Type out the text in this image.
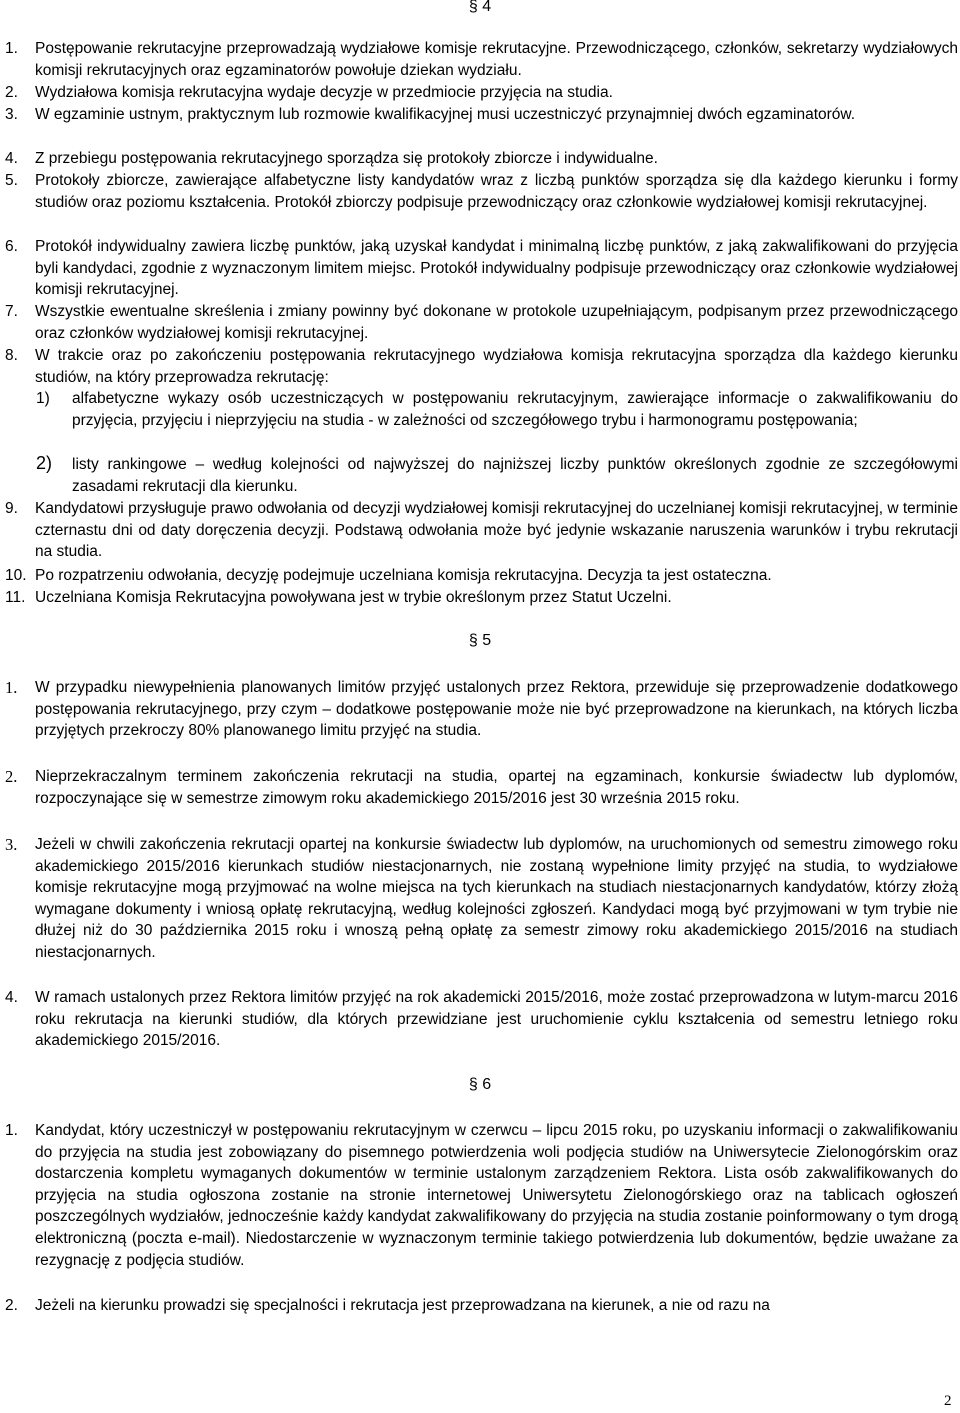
§ 4
1. Postępowanie rekrutacyjne przeprowadzają wydziałowe komisje rekrutacyjne. Przewodniczącego, członków, sekretarzy wydziałowych komisji rekrutacyjnych oraz egzaminatorów powołuje dziekan wydziału.
2. Wydziałowa komisja rekrutacyjna wydaje decyzje w przedmiocie przyjęcia na studia.
3. W egzaminie ustnym, praktycznym lub rozmowie kwalifikacyjnej musi uczestniczyć przynajmniej dwóch egzaminatorów.
4. Z przebiegu postępowania rekrutacyjnego sporządza się protokoły zbiorcze i indywidualne.
5. Protokoły zbiorcze, zawierające alfabetyczne listy kandydatów wraz z liczbą punktów sporządza się dla każdego kierunku i formy studiów oraz poziomu kształcenia. Protokół zbiorczy podpisuje przewodniczący oraz członkowie wydziałowej komisji rekrutacyjnej.
6. Protokół indywidualny zawiera liczbę punktów, jaką uzyskał kandydat i minimalną liczbę punktów, z jaką zakwalifikowani do przyjęcia byli kandydaci, zgodnie z wyznaczonym limitem miejsc. Protokół indywidualny podpisuje przewodniczący oraz członkowie wydziałowej komisji rekrutacyjnej.
7. Wszystkie ewentualne skreślenia i zmiany powinny być dokonane w protokole uzupełniającym, podpisanym przez przewodniczącego oraz członków wydziałowej komisji rekrutacyjnej.
8. W trakcie oraz po zakończeniu postępowania rekrutacyjnego wydziałowa komisja rekrutacyjna sporządza dla każdego kierunku studiów, na który przeprowadza rekrutację:
1) alfabetyczne wykazy osób uczestniczących w postępowaniu rekrutacyjnym, zawierające informacje o zakwalifikowaniu do przyjęcia, przyjęciu i nieprzyjęciu na studia - w zależności od szczegółowego trybu i harmonogramu postępowania;
2) listy rankingowe – według kolejności od najwyższej do najniższej liczby punktów określonych zgodnie ze szczegółowymi zasadami rekrutacji dla kierunku.
9. Kandydatowi przysługuje prawo odwołania od decyzji wydziałowej komisji rekrutacyjnej do uczelnianej komisji rekrutacyjnej, w terminie czternastu dni od daty doręczenia decyzji. Podstawą odwołania może być jedynie wskazanie naruszenia warunków i trybu rekrutacji na studia.
10. Po rozpatrzeniu odwołania, decyzję podejmuje uczelniana komisja rekrutacyjna. Decyzja ta jest ostateczna.
11. Uczelniana Komisja Rekrutacyjna powoływana jest w trybie określonym przez Statut Uczelni.
§ 5
1. W przypadku niewypełnienia planowanych limitów przyjęć ustalonych przez Rektora, przewiduje się przeprowadzenie dodatkowego postępowania rekrutacyjnego, przy czym – dodatkowe postępowanie może nie być przeprowadzone na kierunkach, na których liczba przyjętych przekroczy 80% planowanego limitu przyjęć na studia.
2. Nieprzekraczalnym terminem zakończenia rekrutacji na studia, opartej na egzaminach, konkursie świadectw lub dyplomów, rozpoczynające się w semestrze zimowym roku akademickiego 2015/2016 jest 30 września 2015 roku.
3. Jeżeli w chwili zakończenia rekrutacji opartej na konkursie świadectw lub dyplomów, na uruchomionych od semestru zimowego roku akademickiego 2015/2016 kierunkach studiów niestacjonarnych, nie zostaną wypełnione limity przyjęć na studia, to wydziałowe komisje rekrutacyjne mogą przyjmować na wolne miejsca na tych kierunkach na studiach niestacjonarnych kandydatów, którzy złożą wymagane dokumenty i wniosą opłatę rekrutacyjną, według kolejności zgłoszeń. Kandydaci mogą być przyjmowani w tym trybie nie dłużej niż do 30 października 2015 roku i wnoszą pełną opłatę za semestr zimowy roku akademickiego 2015/2016 na studiach niestacjonarnych.
4. W ramach ustalonych przez Rektora limitów przyjęć na rok akademicki 2015/2016, może zostać przeprowadzona w lutym-marcu 2016 roku rekrutacja na kierunki studiów, dla których przewidziane jest uruchomienie cyklu kształcenia od semestru letniego roku akademickiego 2015/2016.
§ 6
1. Kandydat, który uczestniczył w postępowaniu rekrutacyjnym w czerwcu – lipcu 2015 roku, po uzyskaniu informacji o zakwalifikowaniu do przyjęcia na studia jest zobowiązany do pisemnego potwierdzenia woli podjęcia studiów na Uniwersytecie Zielonogórskim oraz dostarczenia kompletu wymaganych dokumentów w terminie ustalonym zarządzeniem Rektora. Lista osób zakwalifikowanych do przyjęcia na studia ogłoszona zostanie na stronie internetowej Uniwersytetu Zielonogórskiego oraz na tablicach ogłoszeń poszczególnych wydziałów, jednocześnie każdy kandydat zakwalifikowany do przyjęcia na studia zostanie poinformowany o tym drogą elektroniczną (poczta e-mail). Niedostarczenie w wyznaczonym terminie takiego potwierdzenia lub dokumentów, będzie uważane za rezygnację z podjęcia studiów.
2. Jeżeli na kierunku prowadzi się specjalności i rekrutacja jest przeprowadzana na kierunek, a nie od razu na
2
